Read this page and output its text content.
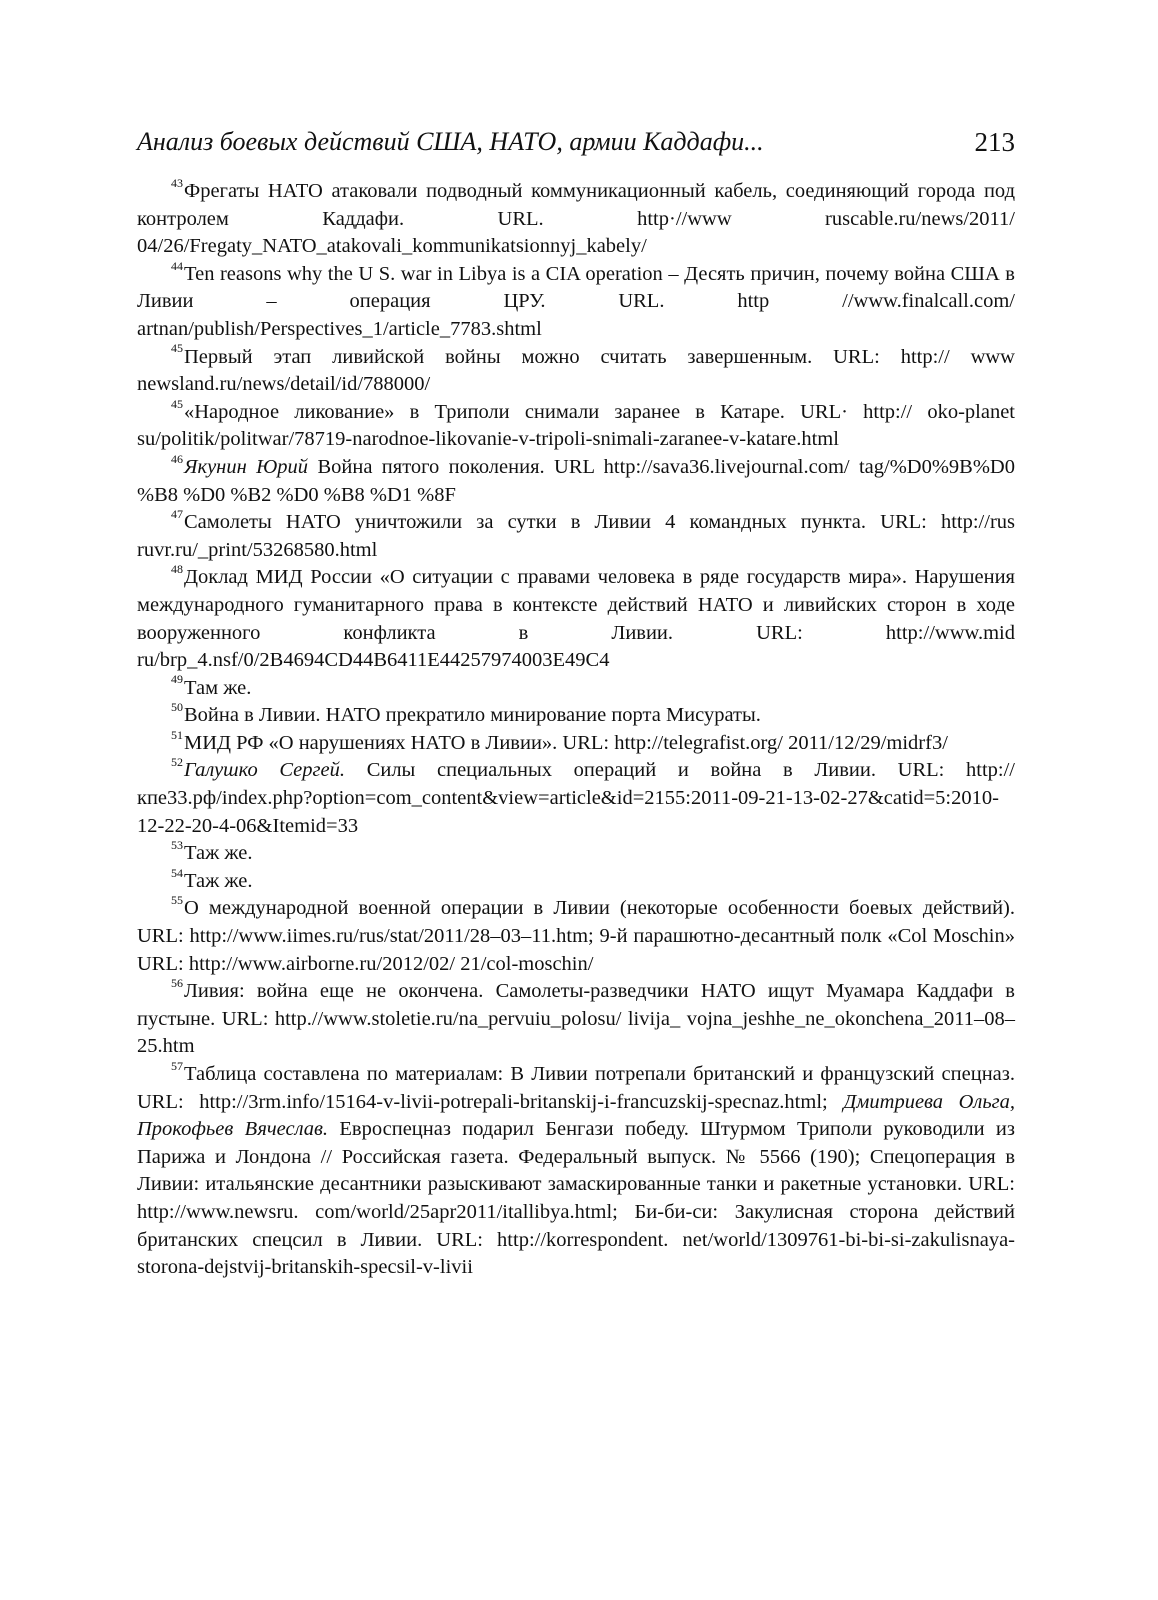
Анализ боевых действий США, НАТО, армии Каддафи...	213

$^{43}$Фрегаты НАТО атаковали подводный коммуникационный кабель, соединяющий города под контролем Каддафи. URL. http·//www ruscable.ru/news/2011/ 04/26/Fregaty_NATO_atakovali_kommunikatsionnyj_kabely/

$^{44}$Ten reasons why the U S. war in Libya is a CIA operation – Десять причин, почему война США в Ливии – операция ЦРУ. URL. http //www.finalcall.com/ artnan/publish/Perspectives_1/article_7783.shtml

$^{45}$Первый этап ливийской войны можно считать завершенным. URL: http:// www newsland.ru/news/detail/id/788000/

$^{45}$«Народное ликование» в Триполи снимали заранее в Катаре. URL· http:// oko-planet su/politik/politwar/78719-narodnoe-likovanie-v-tripoli-snimali-zaranee-v-katare.html

$^{46}$Якунин Юрий Война пятого поколения. URL http://sava36.livejournal.com/ tag/%D0%9B%D0 %B8 %D0 %B2 %D0 %B8 %D1 %8F

$^{47}$Самолеты НАТО уничтожили за сутки в Ливии 4 командных пункта. URL: http://rus ruvr.ru/_print/53268580.html

$^{48}$Доклад МИД России «О ситуации с правами человека в ряде государств мира». Нарушения международного гуманитарного права в контексте действий НАТО и ливийских сторон в ходе вооруженного конфликта в Ливии. URL: http://www.mid ru/brp_4.nsf/0/2B4694CD44B6411E44257974003E49C4

$^{49}$Там же.

$^{50}$Война в Ливии. НАТО прекратило минирование порта Мисураты.

$^{51}$МИД РФ «О нарушениях НАТО в Ливии». URL: http://telegrafist.org/ 2011/12/29/midrf3/

$^{52}$Галушко Сергей. Силы специальных операций и война в Ливии. URL: http://кпе33.рф/index.php?option=com_content&view=article&id=2155:2011-09-21-13-02-27&catid=5:2010-12-22-20-4-06&Itemid=33

$^{53}$Таж же.

$^{54}$Таж же.

$^{55}$О международной военной операции в Ливии (некоторые особенности боевых действий). URL: http://www.iimes.ru/rus/stat/2011/28–03–11.htm; 9-й парашютно-десантный полк «Col Moschin» URL: http://www.airborne.ru/2012/02/ 21/col-moschin/

$^{56}$Ливия: война еще не окончена. Самолеты-разведчики НАТО ищут Муамара Каддафи в пустыне. URL: http.//www.stoletie.ru/na_pervuiu_polosu/ livija_ vojna_jeshhe_ne_okonchena_2011–08–25.htm

$^{57}$Таблица составлена по материалам: В Ливии потрепали британский и французский спецназ. URL: http://3rm.info/15164-v-livii-potrepali-britanskij-i-francuzskij-specnaz.html; Дмитриева Ольга, Прокофьев Вячеслав. Евроспецназ подарил Бенгази победу. Штурмом Триполи руководили из Парижа и Лондона // Российская газета. Федеральный выпуск. № 5566 (190); Спецоперация в Ливии: итальянские десантники разыскивают замаскированные танки и ракетные установки. URL: http://www.newsru. com/world/25apr2011/itallibya.html; Би-би-си: Закулисная сторона действий британских спецсил в Ливии. URL: http://korrespondent. net/world/1309761-bi-bi-si-zakulisnaya-storona-dejstvij-britanskih-specsil-v-livii
